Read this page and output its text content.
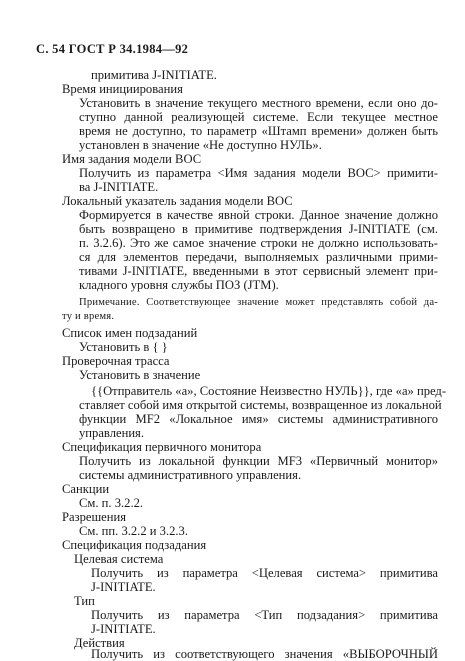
С. 54 ГОСТ Р 34.1984—92
примитива J-INITIATE.
Время инициирования
Установить в значение текущего местного времени, если оно до-
ступно данной реализующей системе. Если текущее местное
время не доступно, то параметр «Штамп времени» должен быть
установлен в значение «Не доступно НУЛЬ».
Имя задания модели ВОС
Получить из параметра <Имя задания модели ВОС> примити-
ва J-INITIATE.
Локальный указатель задания модели ВОС
Формируется в качестве явной строки. Данное значение должно
быть возвращено в примитиве подтверждения J-INITIATE (см.
п. 3.2.6). Это же самое значение строки не должно использовать-
ся для элементов передачи, выполняемых различными прими-
тивами J-INITIATE, введенными в этот сервисный элемент при-
кладного уровня службы ПОЗ (JTM).
Примечание. Соответствующее значение может представлять собой да-
ту и время.
Список имен подзаданий
Установить в { }
Проверочная трасса
Установить в значение
{{Отправитель «а», Состояние Неизвестно НУЛЬ}}, где «а» пред-
ставляет собой имя открытой системы, возвращенное из локальной
функции MF2 «Локальное имя» системы административного
управления.
Спецификация первичного монитора
Получить из локальной функции MF3 «Первичный монитор»
системы административного управления.
Санкции
См. п. 3.2.2.
Разрешения
См. пп. 3.2.2 и 3.2.3.
Спецификация подзадания
Целевая система
Получить из параметра <Целевая система> примитива
J-INITIATE.
Тип
Получить из параметра <Тип подзадания> примитива
J-INITIATE.
Действия
Получить из соответствующего значения «ВЫБОРОЧНЫЙ
